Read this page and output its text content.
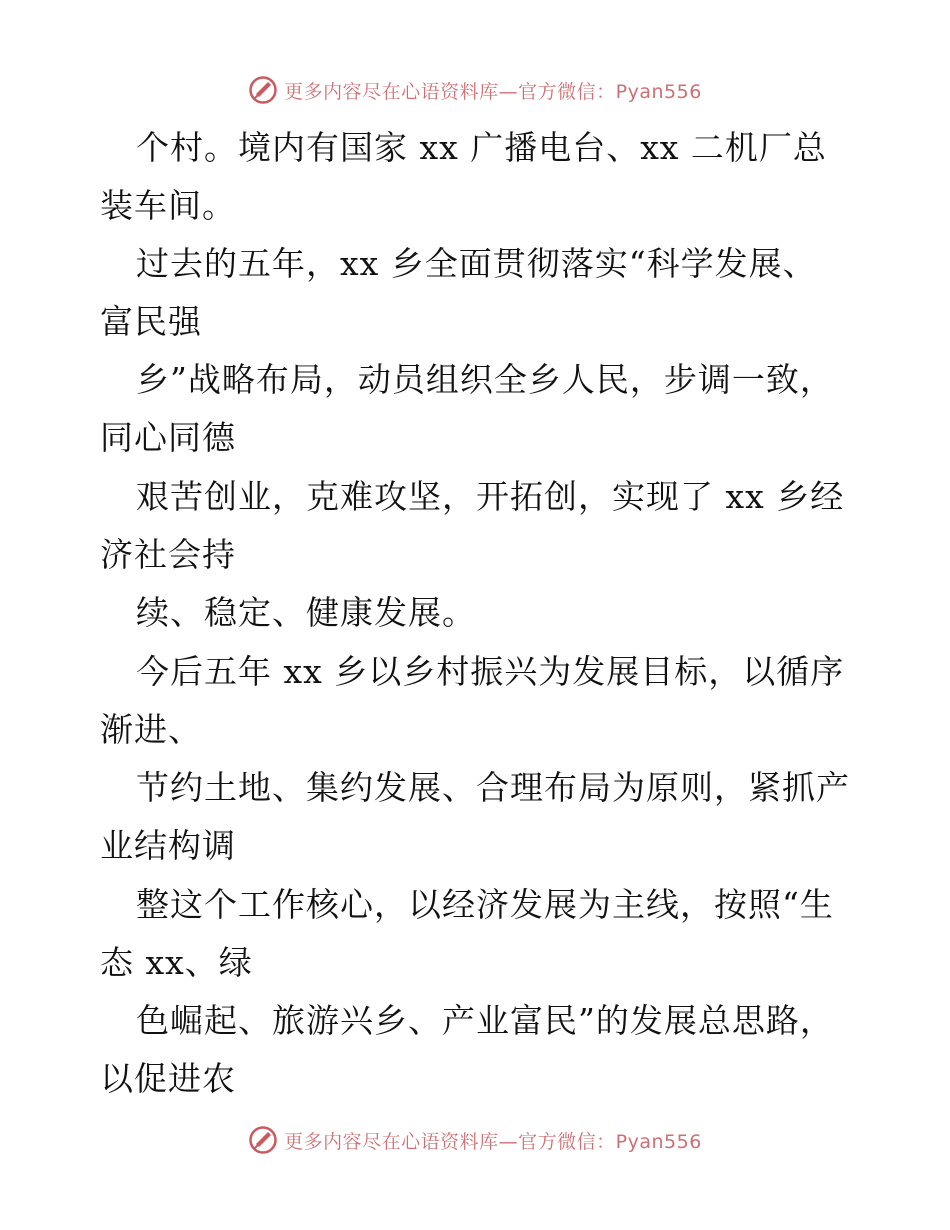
更多内容尽在心语资料库—官方微信：Pyan556
个村。境内有国家 xx 广播电台、xx 二机厂总
装车间。
过去的五年，xx 乡全面贯彻落实“科学发展、
富民强
乡”战略布局，动员组织全乡人民，步调一致，
同心同德
艰苦创业，克难攻坚，开拓创，实现了 xx 乡经
济社会持
续、稳定、健康发展。
今后五年 xx 乡以乡村振兴为发展目标，以循序
渐进、
节约土地、集约发展、合理布局为原则，紧抓产
业结构调
整这个工作核心，以经济发展为主线，按照“生
态 xx、绿
色崛起、旅游兴乡、产业富民”的发展总思路，
以促进农
更多内容尽在心语资料库—官方微信：Pyan556
